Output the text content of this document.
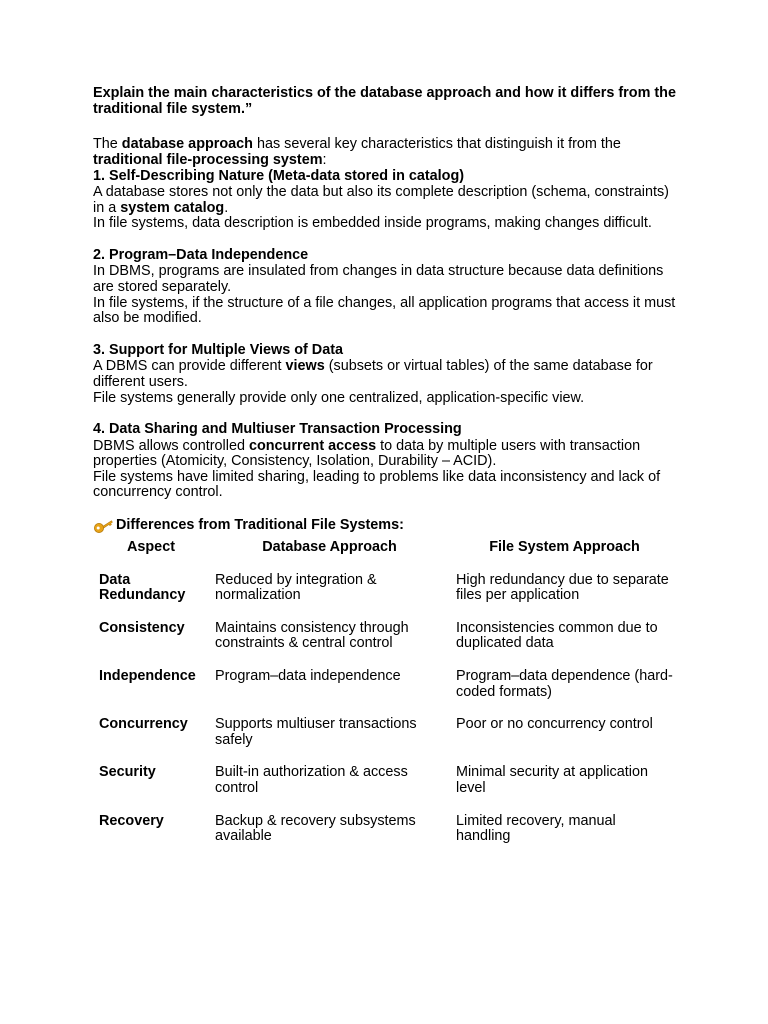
Explain the main characteristics of the database approach and how it differs from the traditional file system.”

The database approach has several key characteristics that distinguish it from the traditional file-processing system:

1. Self-Describing Nature (Meta-data stored in catalog)

A database stores not only the data but also its complete description (schema, constraints) in a system catalog.

In file systems, data description is embedded inside programs, making changes difficult.

2. Program–Data Independence

In DBMS, programs are insulated from changes in data structure because data definitions are stored separately.

In file systems, if the structure of a file changes, all application programs that access it must also be modified.

3. Support for Multiple Views of Data

A DBMS can provide different views (subsets or virtual tables) of the same database for different users.

File systems generally provide only one centralized, application-specific view.

4. Data Sharing and Multiuser Transaction Processing

DBMS allows controlled concurrent access to data by multiple users with transaction properties (Atomicity, Consistency, Isolation, Durability – ACID).

File systems have limited sharing, leading to problems like data inconsistency and lack of concurrency control.

Differences from Traditional File Systems:
Aspect	Database Approach	File System Approach
Data Redundancy	Reduced by integration & normalization	High redundancy due to separate files per application
Consistency	Maintains consistency through constraints & central control	Inconsistencies common due to duplicated data
Independence	Program–data independence	Program–data dependence (hard-coded formats)
Concurrency	Supports multiuser transactions safely	Poor or no concurrency control
Security	Built-in authorization & access control	Minimal security at application level
Recovery	Backup & recovery subsystems available	Limited recovery, manual handling
